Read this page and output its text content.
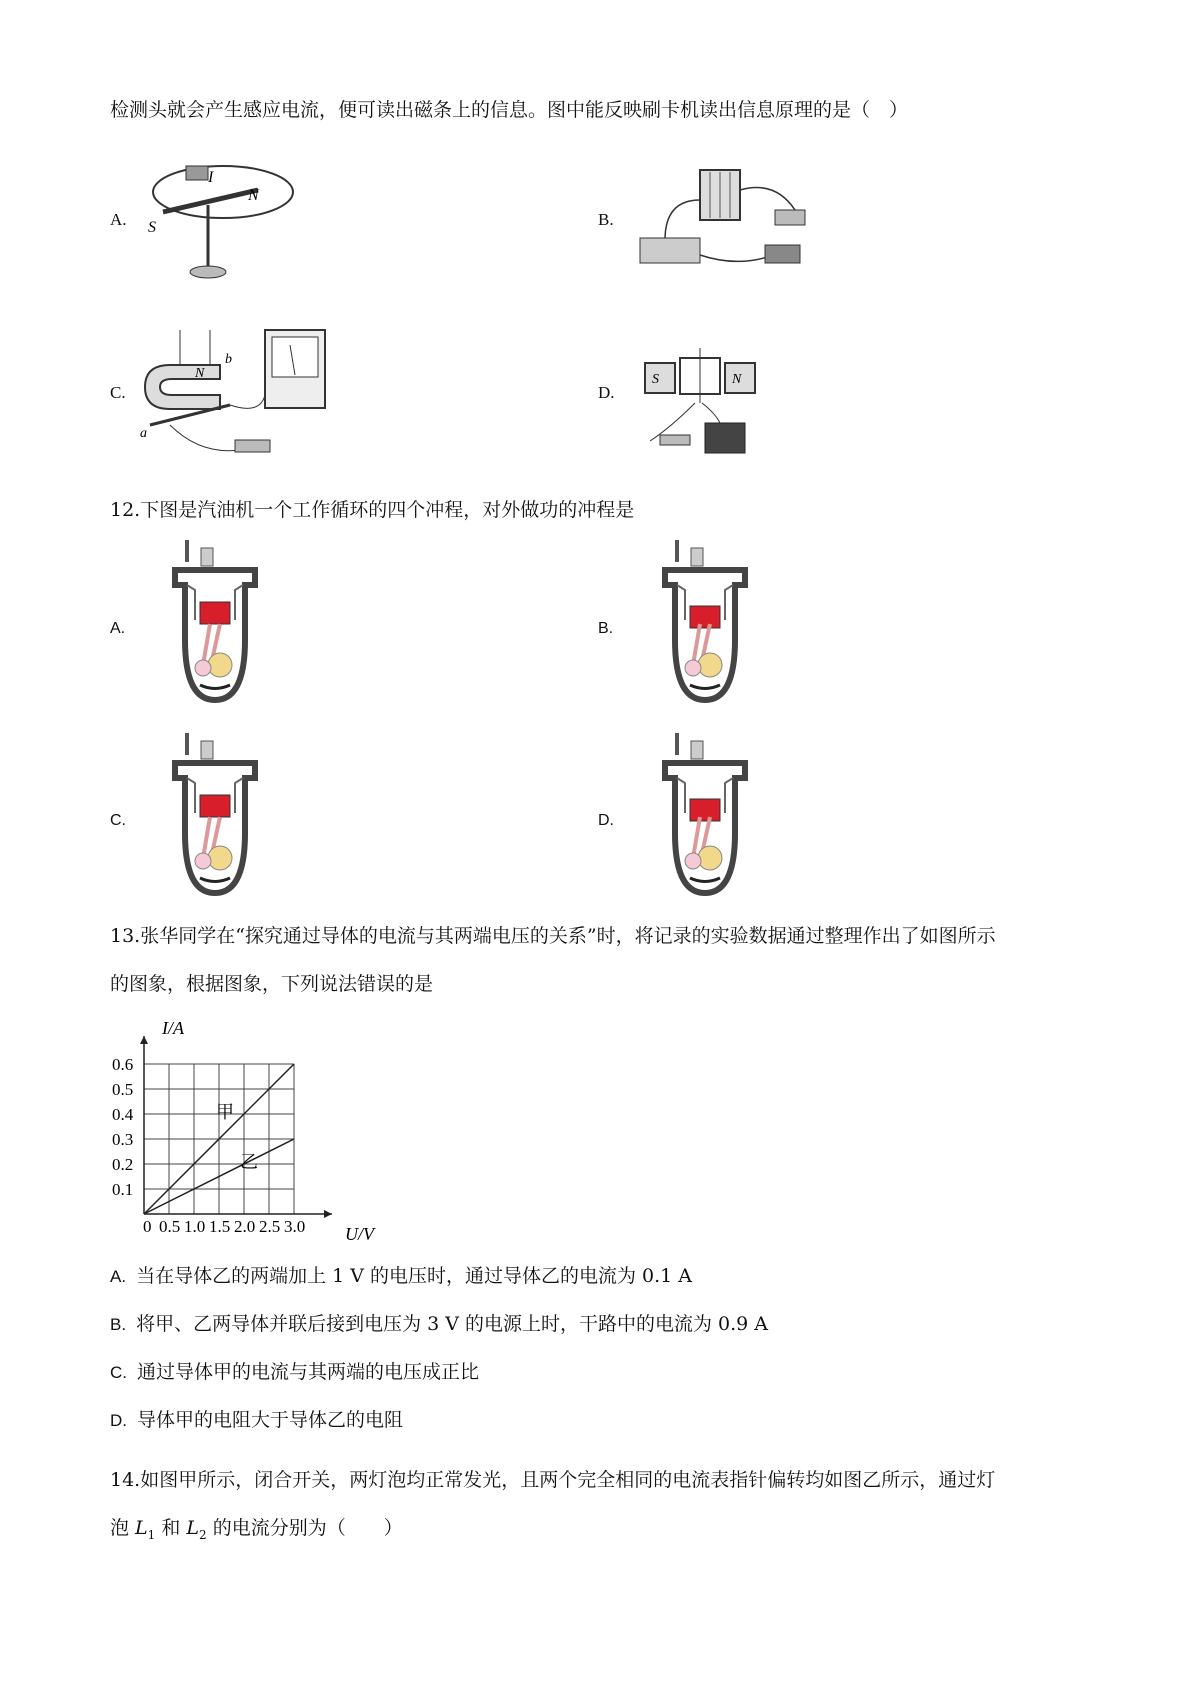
检测头就会产生感应电流，便可读出磁条上的信息。图中能反映刷卡机读出信息原理的是（　）
A. S
N
I
B.
C.
N
b
a
D.
S	N
12.下图是汽油机一个工作循环的四个冲程，对外做功的冲程是
A.	B.
C.	D.
13.张华同学在“探究通过导体的电流与其两端电压的关系”时，将记录的实验数据通过整理作出了如图所示
的图象，根据图象，下列说法错误的是
0.5 1.0 1.5 2.0 2.5 3.0
0.1
0.2
0.3
0.4
0.5
0.6
I/A
U/V
0
甲
乙
A. 当在导体乙的两端加上 1 V 的电压时，通过导体乙的电流为 0.1 A
B. 将甲、乙两导体并联后接到电压为 3 V 的电源上时，干路中的电流为 0.9 A
C. 通过导体甲的电流与其两端的电压成正比
D. 导体甲的电阻大于导体乙的电阻
14.如图甲所示，闭合开关，两灯泡均正常发光，且两个完全相同的电流表指针偏转均如图乙所示，通过灯
泡 $L_1$ 和 $L_2$ 的电流分别为（　　）
